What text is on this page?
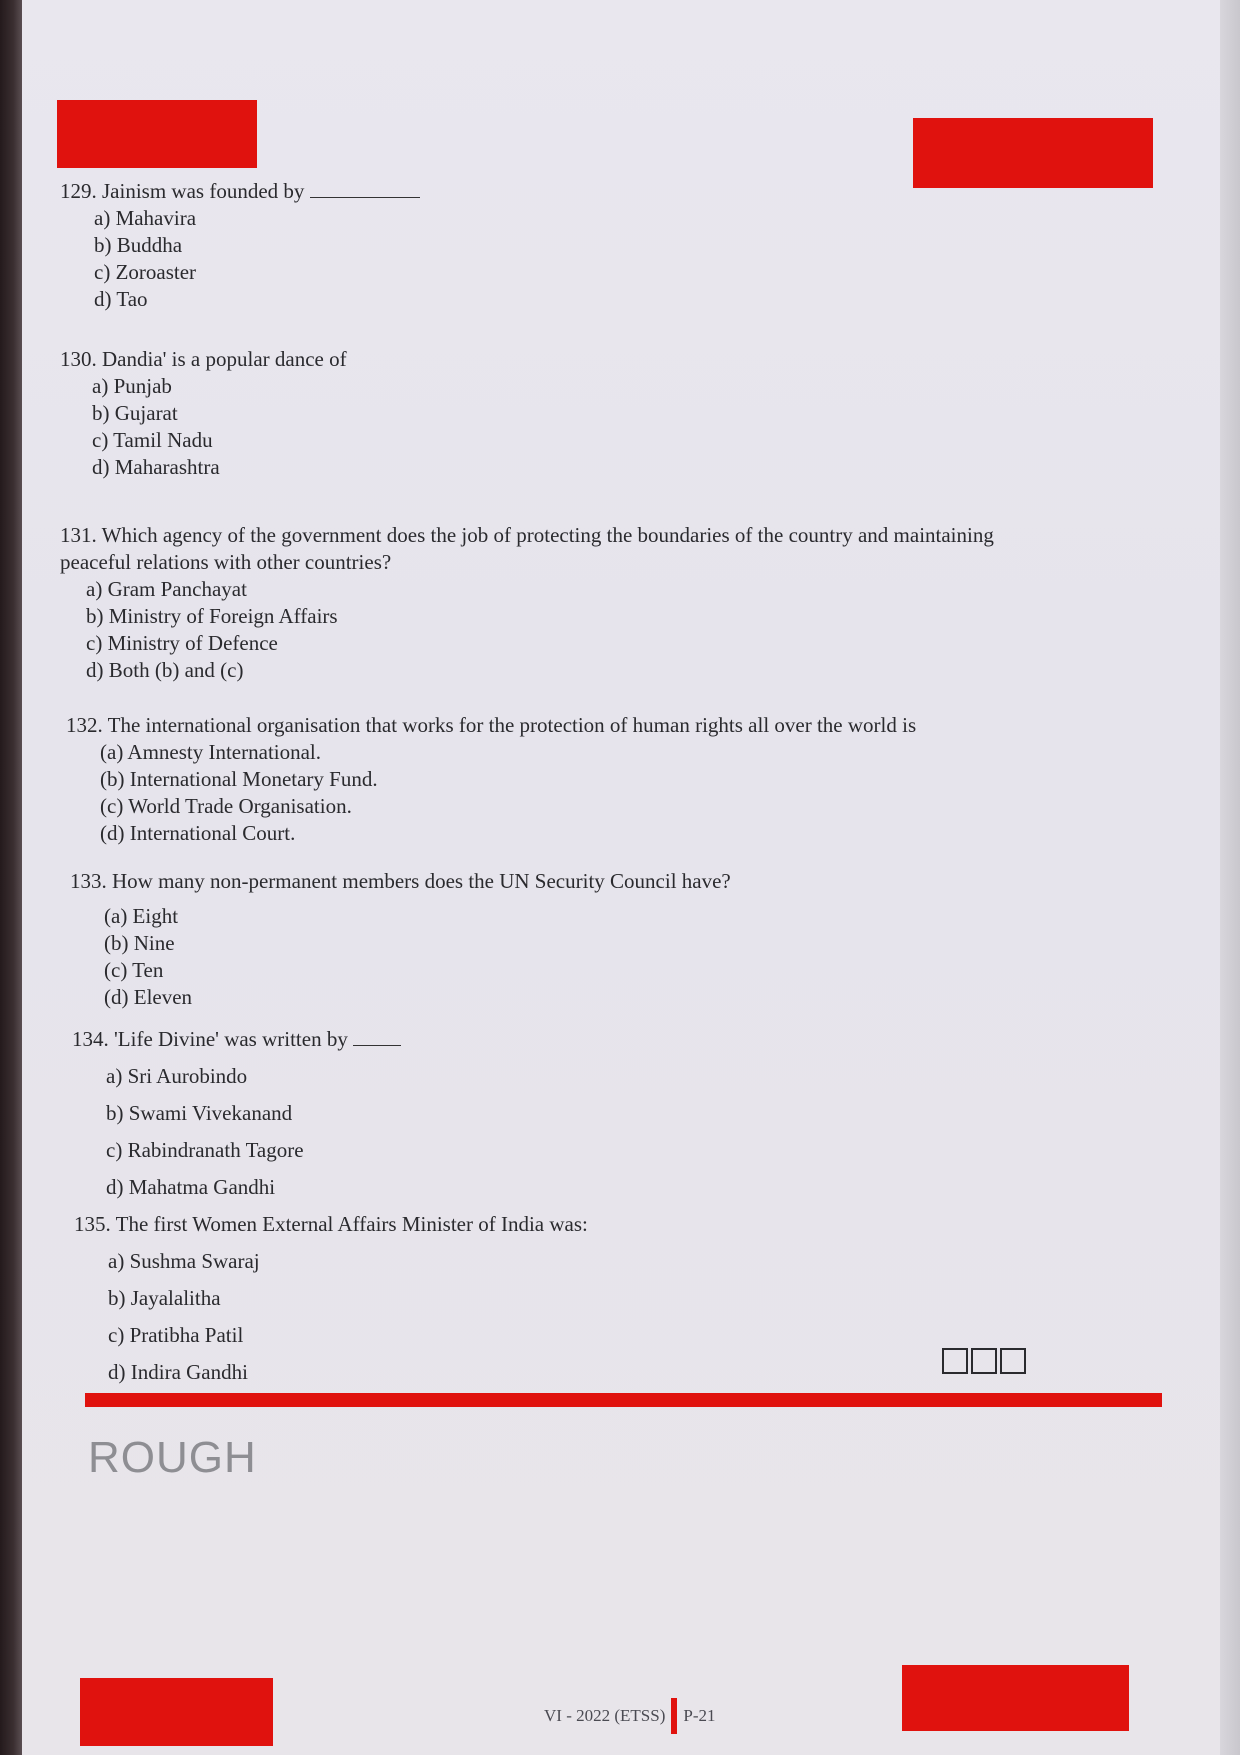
129. Jainism was founded by
a) Mahavira
b) Buddha
c) Zoroaster
d) Tao
130. Dandia' is a popular dance of
a) Punjab
b) Gujarat
c) Tamil Nadu
d) Maharashtra
131. Which agency of the government does the job of protecting the boundaries of the country and maintaining
peaceful relations with other countries?
a) Gram Panchayat
b) Ministry of Foreign Affairs
c) Ministry of Defence
d) Both (b) and (c)
132. The international organisation that works for the protection of human rights all over the world is
(a) Amnesty International.
(b) International Monetary Fund.
(c) World Trade Organisation.
(d) International Court.
133. How many non-permanent members does the UN Security Council have?
(a) Eight
(b) Nine
(c) Ten
(d) Eleven
134. 'Life Divine' was written by
a) Sri Aurobindo
b) Swami Vivekanand
c) Rabindranath Tagore
d) Mahatma Gandhi
135. The first Women External Affairs Minister of India was:
a) Sushma Swaraj
b) Jayalalitha
c) Pratibha Patil
d) Indira Gandhi
ROUGH
VI - 2022 (ETSS) P-21
